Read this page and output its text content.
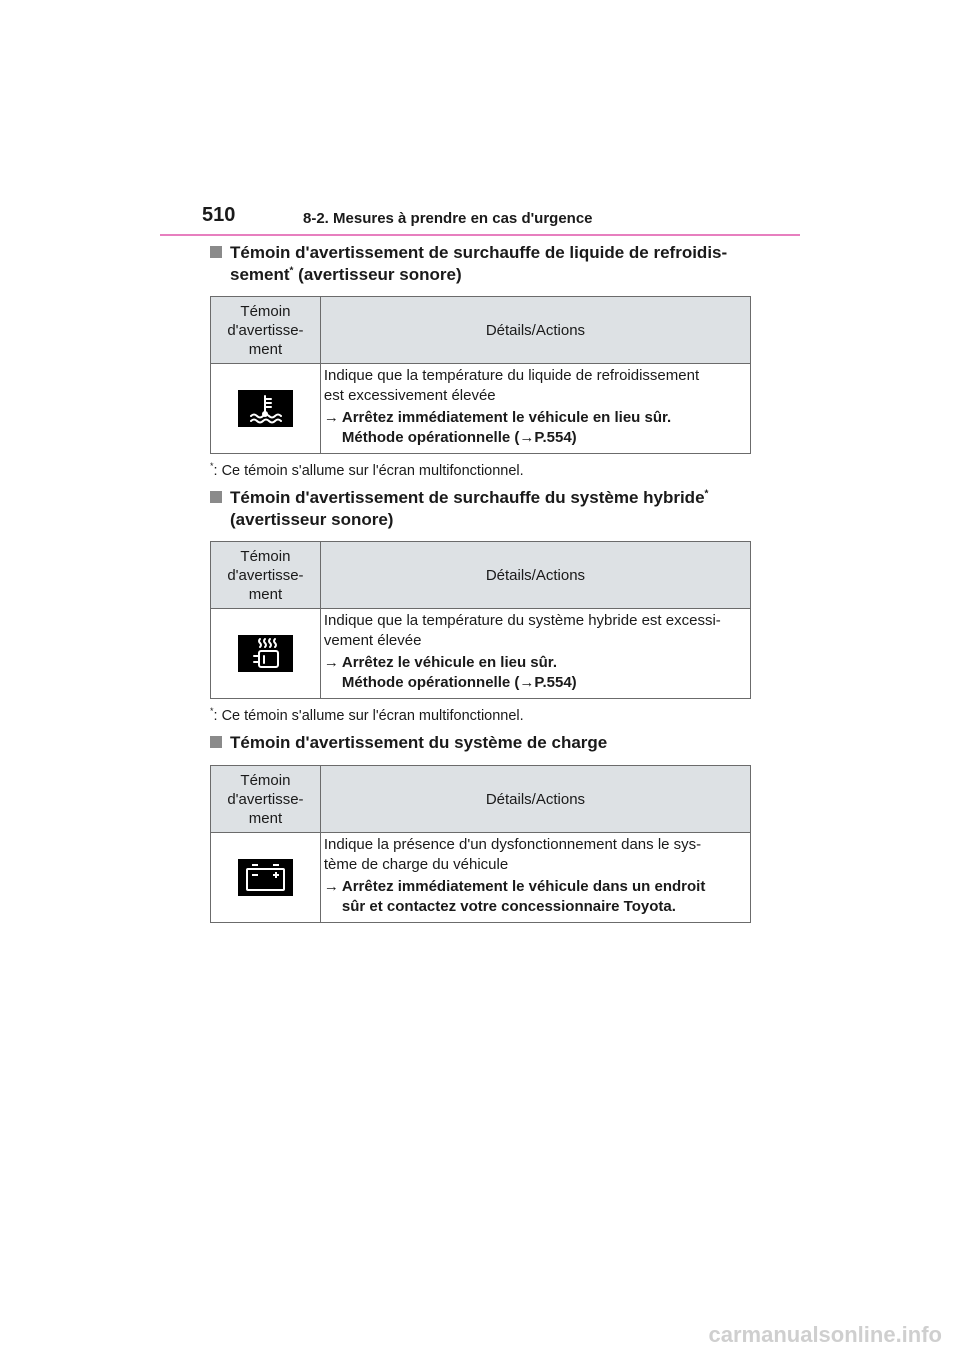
510	8-2. Mesures à prendre en cas d'urgence
Témoin d'avertissement de surchauffe de liquide de refroidis-
sement* (avertisseur sonore)
Témoin
d'avertisse-
ment	Détails/Actions

Indique que la température du liquide de refroidissement
est excessivement élevée
→ Arrêtez immédiatement le véhicule en lieu sûr.
Méthode opérationnelle (→P.554)
*: Ce témoin s'allume sur l'écran multifonctionnel.
Témoin d'avertissement de surchauffe du système hybride*
(avertisseur sonore)
Témoin
d'avertisse-
ment	Détails/Actions

Indique que la température du système hybride est excessi-
vement élevée
→ Arrêtez le véhicule en lieu sûr.
Méthode opérationnelle (→P.554)
*: Ce témoin s'allume sur l'écran multifonctionnel.
Témoin d'avertissement du système de charge
Témoin
d'avertisse-
ment	Détails/Actions

Indique la présence d'un dysfonctionnement dans le sys-
tème de charge du véhicule
→ Arrêtez immédiatement le véhicule dans un endroit
sûr et contactez votre concessionnaire Toyota.
carmanualsonline.info
